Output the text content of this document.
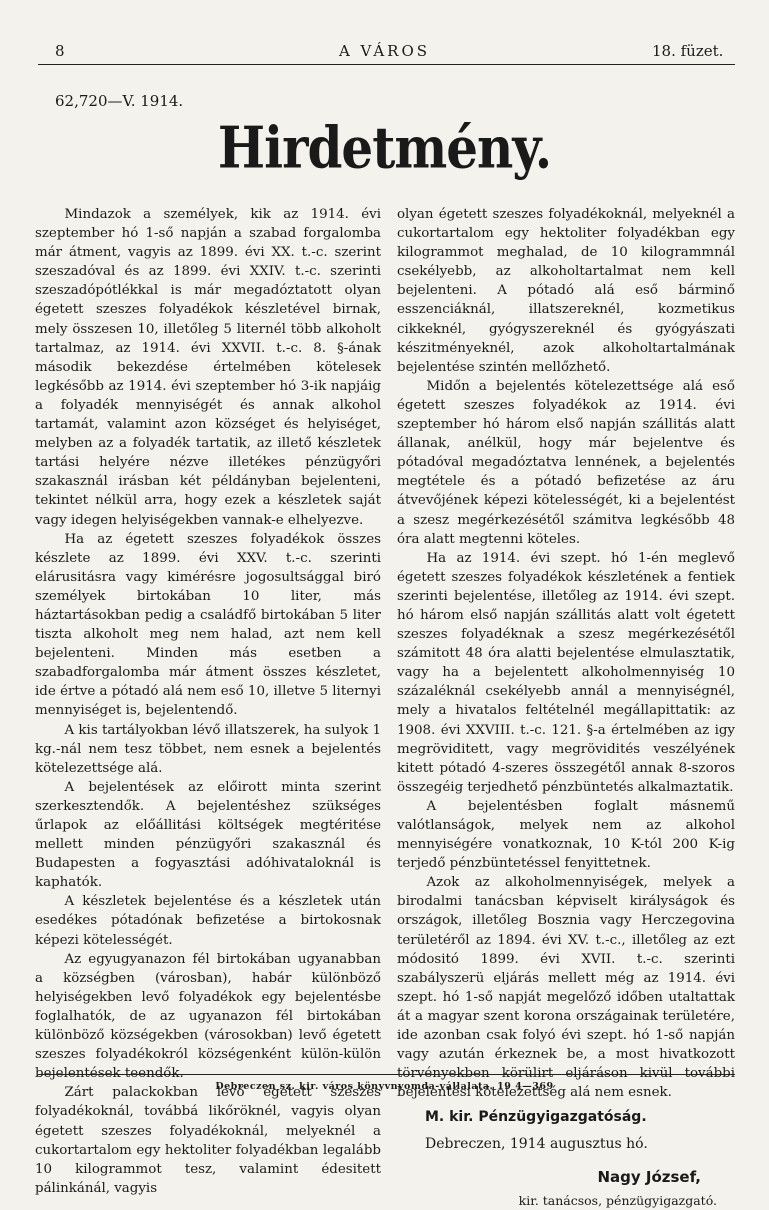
8	A VÁROS	18. füzet.
62,720—V. 1914.
Hirdetmény.

Mindazok a személyek, kik az 1914. évi szeptember hó 1-ső napján a szabad forgalomba már átment, vagyis az 1899. évi XX. t.-c. szerint szeszadóval és az 1899. évi XXIV. t.-c. szerinti szeszadópótlékkal is már megadóztatott olyan égetett szeszes folyadékok készletével birnak, mely összesen 10, illetőleg 5 liternél több alkoholt tartalmaz, az 1914. évi XXVII. t.-c. 8. §-ának második bekezdése értelmében kötelesek legkésőbb az 1914. évi szeptember hó 3-ik napjáig a folyadék mennyiségét és annak alkohol tartamát, valamint azon községet és helyiséget, melyben az a folyadék tartatik, az illető készletek tartási helyére nézve illetékes pénzügyőri szakasznál irásban két példányban bejelenteni, tekintet nélkül arra, hogy ezek a készletek saját vagy idegen helyiségekben vannak-e elhelyezve.

Ha az égetett szeszes folyadékok összes készlete az 1899. évi XXV. t.-c. szerinti elárusitásra vagy kimérésre jogosultsággal biró személyek birtokában 10 liter, más háztartásokban pedig a családfő birtokában 5 liter tiszta alkoholt meg nem halad, azt nem kell bejelenteni. Minden más esetben a szabadforgalomba már átment összes készletet, ide értve a pótadó alá nem eső 10, illetve 5 liternyi mennyiséget is, bejelentendő.

A kis tartályokban lévő illatszerek, ha sulyok 1 kg.-nál nem tesz többet, nem esnek a bejelentés kötelezettsége alá.

A bejelentések az előirott minta szerint szerkesztendők. A bejelentéshez szükséges űrlapok az előállitási költségek megtéritése mellett minden pénzügyőri szakasznál és Budapesten a fogyasztási adóhivataloknál is kaphatók.

A készletek bejelentése és a készletek után esedékes pótadónak befizetése a birtokosnak képezi kötelességét.

Az egyugyanazon fél birtokában ugyanabban a községben (városban), habár különböző helyiségekben levő folyadékok egy bejelentésbe foglalhatók, de az ugyanazon fél birtokában különböző községekben (városokban) levő égetett szeszes folyadékokról községenként külön-külön bejelentések teendők.

Zárt palackokban levő égetett szeszes folyadékoknál, továbbá likőröknél, vagyis olyan égetett szeszes folyadékoknál, melyeknél a cukortartalom egy hektoliter folyadékban legalább 10 kilogrammot tesz, valamint édesitett pálinkánál, vagyis

olyan égetett szeszes folyadékoknál, melyeknél a cukortartalom egy hektoliter folyadékban egy kilogrammot meghalad, de 10 kilogrammnál csekélyebb, az alkoholtartalmat nem kell bejelenteni. A pótadó alá eső bárminő esszenciáknál, illatszereknél, kozmetikus cikkeknél, gyógyszereknél és gyógyászati készitményeknél, azok alkoholtartalmának bejelentése szintén mellőzhető.

Midőn a bejelentés kötelezettsége alá eső égetett szeszes folyadékok az 1914. évi szeptember hó három első napján szállitás alatt állanak, anélkül, hogy már bejelentve és pótadóval megadóztatva lennének, a bejelentés megtétele és a pótadó befizetése az áru átvevőjének képezi kötelességét, ki a bejelentést a szesz megérkezésétől számitva legkésőbb 48 óra alatt megtenni köteles.

Ha az 1914. évi szept. hó 1-én meglevő égetett szeszes folyadékok készletének a fentiek szerinti bejelentése, illetőleg az 1914. évi szept. hó három első napján szállitás alatt volt égetett szeszes folyadéknak a szesz megérkezésétől számitott 48 óra alatti bejelentése elmulasztatik, vagy ha a bejelentett alkoholmennyiség 10 százaléknál csekélyebb annál a mennyiségnél, mely a hivatalos feltételnél megállapittatik: az 1908. évi XXVIII. t.-c. 121. §-a értelmében az igy megröviditett, vagy megrövidités veszélyének kitett pótadó 4-szeres összegétől annak 8-szoros összegéig terjedhető pénzbüntetés alkalmaztatik.

A bejelentésben foglalt másnemű valótlanságok, melyek nem az alkohol mennyiségére vonatkoznak, 10 K-tól 200 K-ig terjedő pénzbüntetéssel fenyittetnek.

Azok az alkoholmennyiségek, melyek a birodalmi tanácsban képviselt királyságok és országok, illetőleg Bosznia vagy Herczegovina területéről az 1894. évi XV. t.-c., illetőleg az ezt módositó 1899. évi XVII. t.-c. szerinti szabályszerü eljárás mellett még az 1914. évi szept. hó 1-ső napját megelőző időben utaltattak át a magyar szent korona országainak területére, ide azonban csak folyó évi szept. hó 1-ső napján vagy azután érkeznek be, a most hivatkozott törvényekben körülirt eljáráson kivül további bejelentési kötelezettség alá nem esnek.

M. kir. Pénzügyigazgatóság.
Debreczen, 1914 augusztus hó.
Nagy József,
kir. tanácsos, pénzügyigazgató.
Debreczen sz. kir. város könyvnyomda-vállalata. 19 4—369
